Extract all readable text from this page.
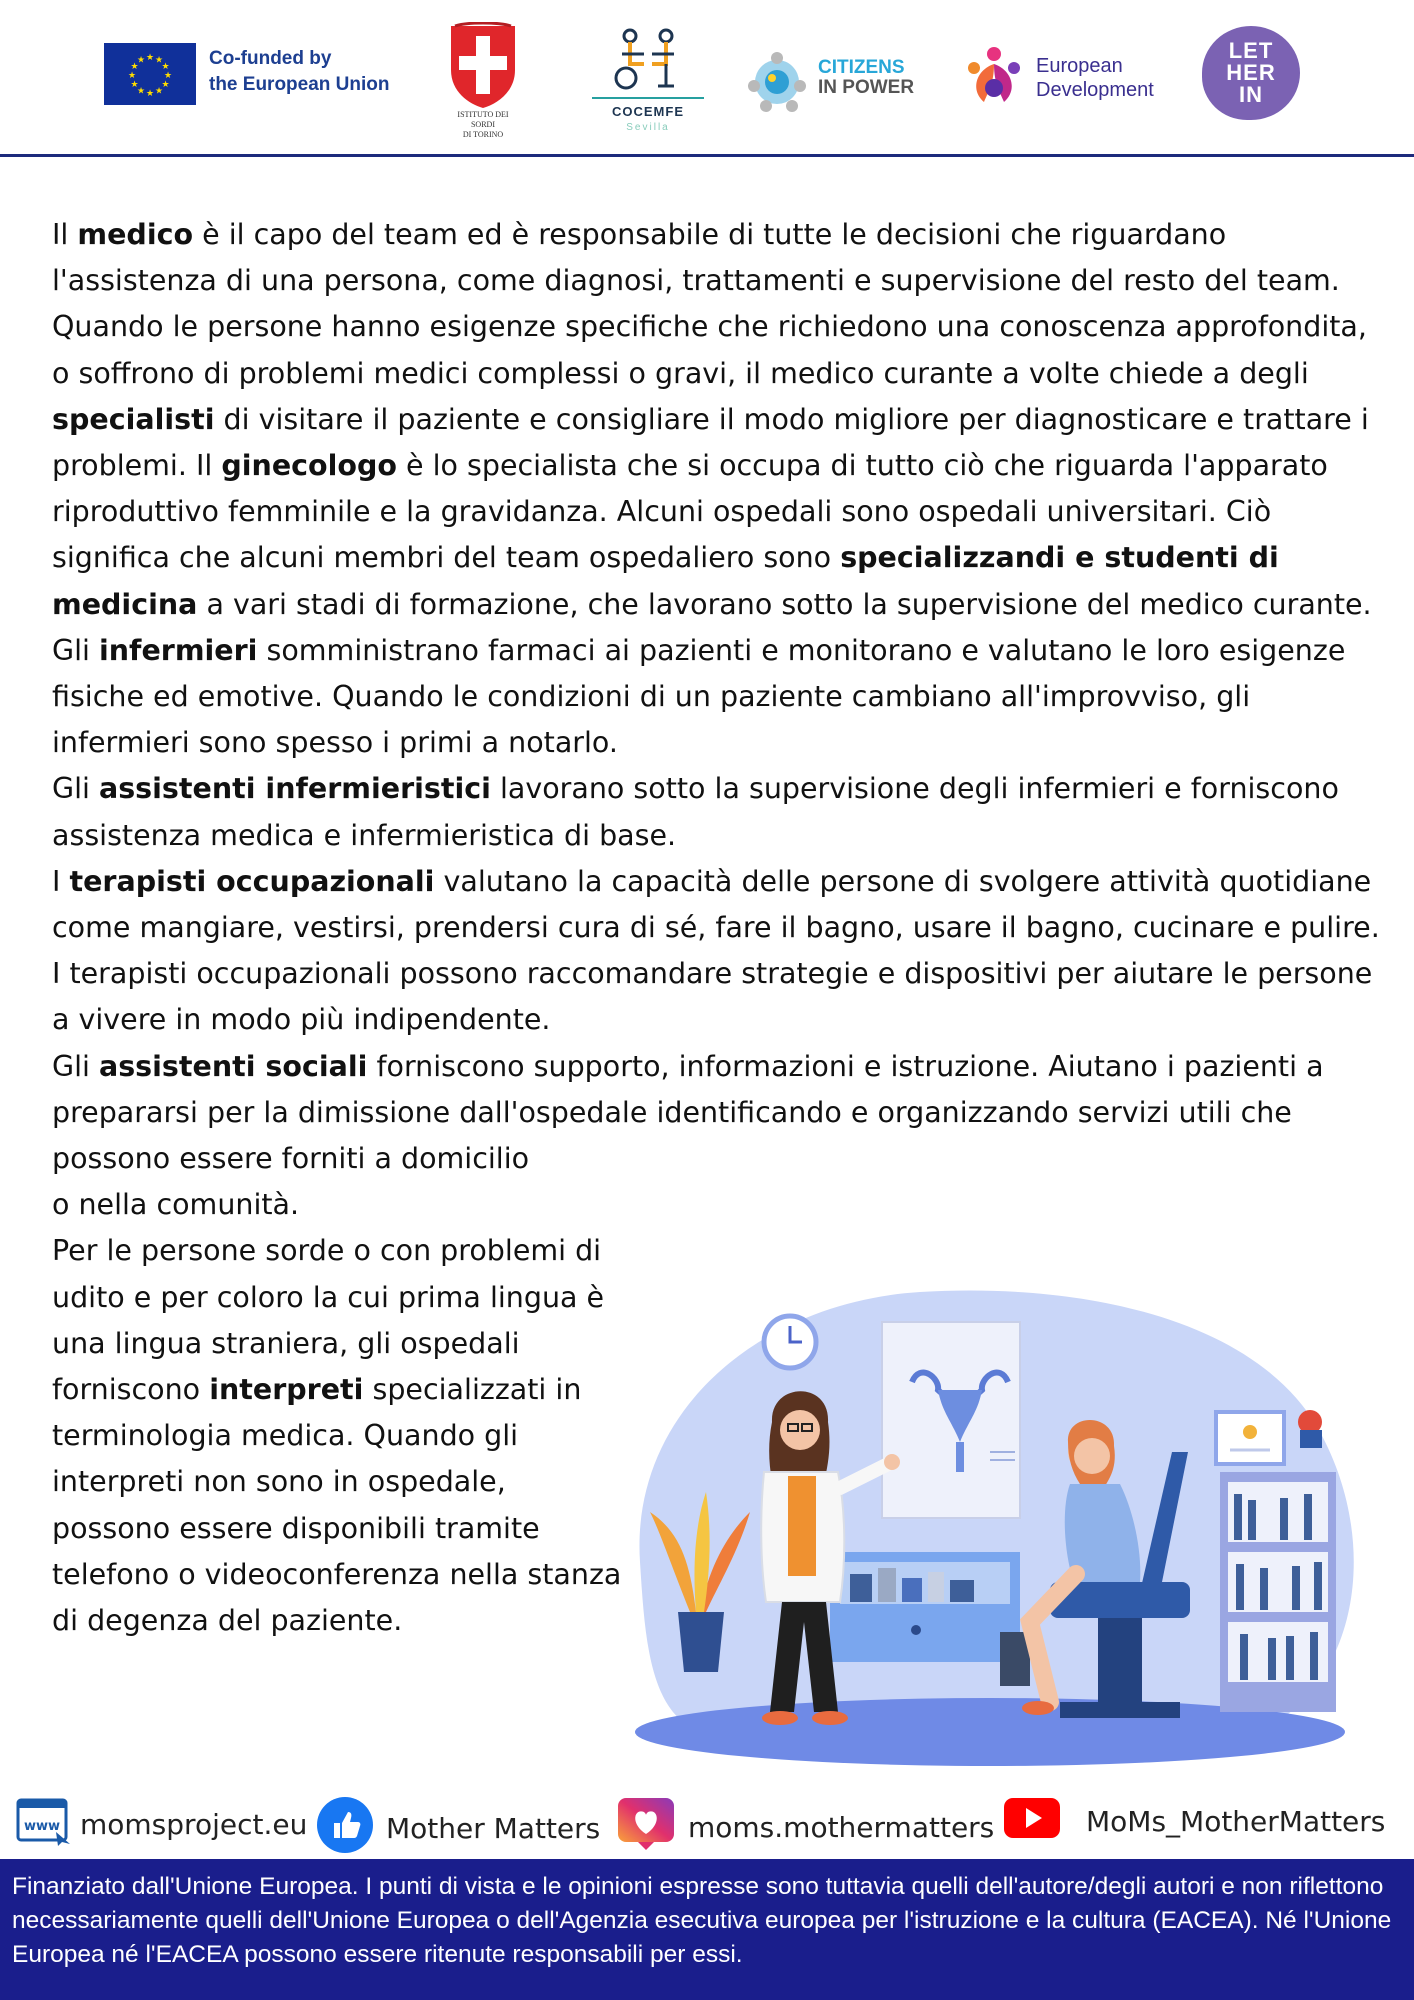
★ ★
★
★
★
★
★
★
★
★
★
★	Co-funded by
the European Union
ISTITUTO DEI SORDI
DI TORINO
COCEMFE
Sevilla
CITIZENS
IN POWER
European
Development
LET
HER
IN

Il medico è il capo del team ed è responsabile di tutte le decisioni che riguardano l'assistenza di una persona, come diagnosi, trattamenti e supervisione del resto del team.

Quando le persone hanno esigenze specifiche che richiedono una conoscenza approfondita, o soffrono di problemi medici complessi o gravi, il medico curante a volte chiede a degli specialisti di visitare il paziente e consigliare il modo migliore per diagnosticare e trattare i problemi. Il ginecologo è lo specialista che si occupa di tutto ciò che riguarda l'apparato riproduttivo femminile e la gravidanza. Alcuni ospedali sono ospedali universitari. Ciò significa che alcuni membri del team ospedaliero sono specializzandi e studenti di medicina a vari stadi di formazione, che lavorano sotto la supervisione del medico curante.

Gli infermieri somministrano farmaci ai pazienti e monitorano e valutano le loro esigenze fisiche ed emotive. Quando le condizioni di un paziente cambiano all'improvviso, gli infermieri sono spesso i primi a notarlo.

Gli assistenti infermieristici lavorano sotto la supervisione degli infermieri e forniscono assistenza medica e infermieristica di base.

I terapisti occupazionali valutano la capacità delle persone di svolgere attività quotidiane come mangiare, vestirsi, prendersi cura di sé, fare il bagno, usare il bagno, cucinare e pulire. I terapisti occupazionali possono raccomandare strategie e dispositivi per aiutare le persone a vivere in modo più indipendente.

Gli assistenti sociali forniscono supporto, informazioni e istruzione. Aiutano i pazienti a prepararsi per la dimissione dall'ospedale identificando e organizzando servizi utili che possono essere forniti a domicilio
o nella comunità.

Per le persone sorde o con problemi di udito e per coloro la cui prima lingua è una lingua straniera, gli ospedali forniscono interpreti specializzati in terminologia medica. Quando gli interpreti non sono in ospedale, possono essere disponibili tramite telefono o videoconferenza nella stanza di degenza del paziente.

www momsproject.eu	Mother Matters	moms.mothermatters	MoMs_MotherMatters
Finanziato dall'Unione Europea. I punti di vista e le opinioni espresse sono tuttavia quelli dell'autore/degli autori e non riflettono necessariamente quelli dell'Unione Europea o dell'Agenzia esecutiva europea per l'istruzione e la cultura (EACEA). Né l'Unione Europea né l'EACEA possono essere ritenute responsabili per essi.
